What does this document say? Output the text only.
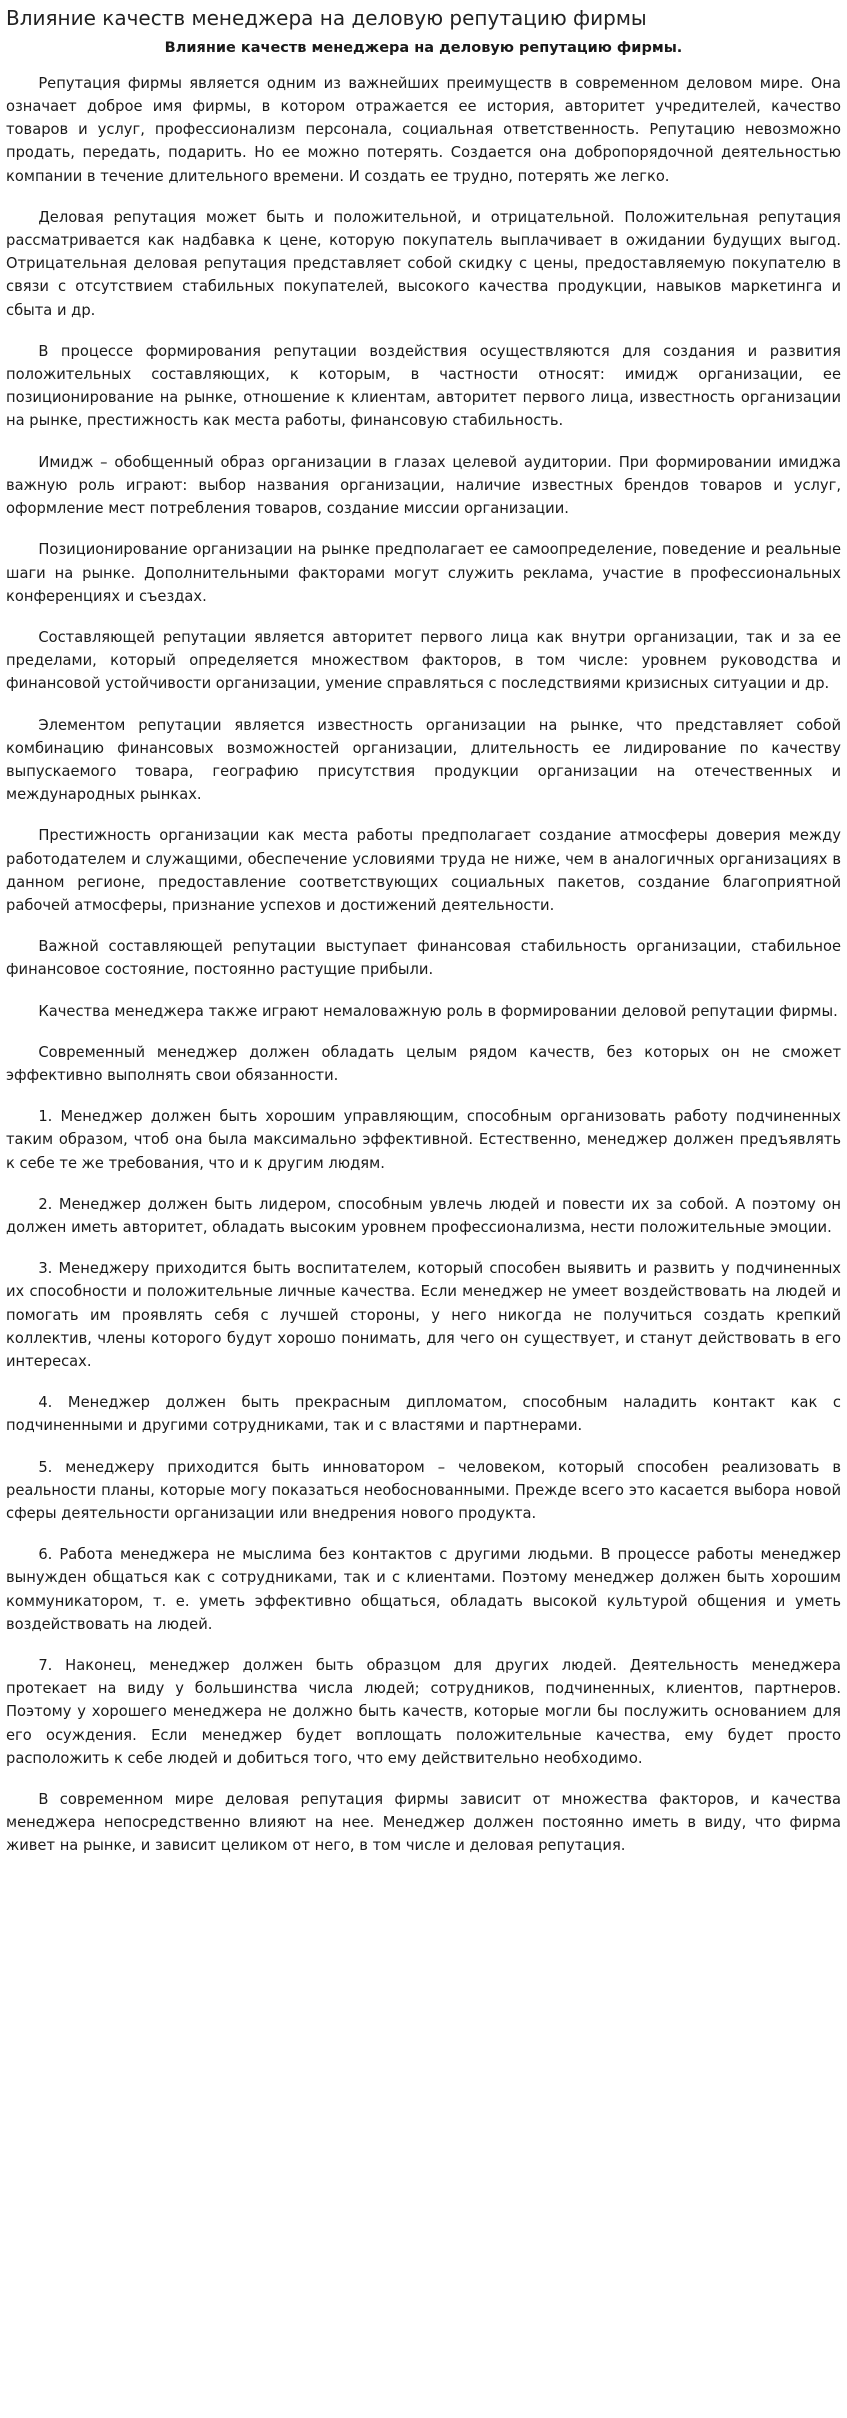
Влияние качеств менеджера на деловую репутацию фирмы
Влияние качеств менеджера на деловую репутацию фирмы.

Репутация фирмы является одним из важнейших преимуществ в современном деловом мире. Она означает доброе имя фирмы, в котором отражается ее история, авторитет учредителей, качество товаров и услуг, профессионализм персонала, социальная ответственность. Репутацию невозможно продать, передать, подарить. Но ее можно потерять. Создается она добропорядочной деятельностью компании в течение длительного времени. И создать ее трудно, потерять же легко.

Деловая репутация может быть и положительной, и отрицательной. Положительная репутация рассматривается как надбавка к цене, которую покупатель выплачивает в ожидании будущих выгод. Отрицательная деловая репутация представляет собой скидку с цены, предоставляемую покупателю в связи с отсутствием стабильных покупателей, высокого качества продукции, навыков маркетинга и сбыта и др.

В процессе формирования репутации воздействия осуществляются для создания и развития положительных составляющих, к которым, в частности относят: имидж организации, ее позиционирование на рынке, отношение к клиентам, авторитет первого лица, известность организации на рынке, престижность как места работы, финансовую стабильность.

Имидж – обобщенный образ организации в глазах целевой аудитории. При формировании имиджа важную роль играют: выбор названия организации, наличие известных брендов товаров и услуг, оформление мест потребления товаров, создание миссии организации.

Позиционирование организации на рынке предполагает ее самоопределение, поведение и реальные шаги на рынке. Дополнительными факторами могут служить реклама, участие в профессиональных конференциях и съездах.

Составляющей репутации является авторитет первого лица как внутри организации, так и за ее пределами, который определяется множеством факторов, в том числе: уровнем руководства и финансовой устойчивости организации, умение справляться с последствиями кризисных ситуации и др.

Элементом репутации является известность организации на рынке, что представляет собой комбинацию финансовых возможностей организации, длительность ее лидирование по качеству выпускаемого товара, географию присутствия продукции организации на отечественных и международных рынках.

Престижность организации как места работы предполагает создание атмосферы доверия между работодателем и служащими, обеспечение условиями труда не ниже, чем в аналогичных организациях в данном регионе, предоставление соответствующих социальных пакетов, создание благоприятной рабочей атмосферы, признание успехов и достижений деятельности.

Важной составляющей репутации выступает финансовая стабильность организации, стабильное финансовое состояние, постоянно растущие прибыли.

Качества менеджера также играют немаловажную роль в формировании деловой репутации фирмы.

Современный менеджер должен обладать целым рядом качеств, без которых он не сможет эффективно выполнять свои обязанности.

1. Менеджер должен быть хорошим управляющим, способным организовать работу подчиненных таким образом, чтоб она была максимально эффективной. Естественно, менеджер должен предъявлять к себе те же требования, что и к другим людям.

2. Менеджер должен быть лидером, способным увлечь людей и повести их за собой. А поэтому он должен иметь авторитет, обладать высоким уровнем профессионализма, нести положительные эмоции.

3. Менеджеру приходится быть воспитателем, который способен выявить и развить у подчиненных их способности и положительные личные качества. Если менеджер не умеет воздействовать на людей и помогать им проявлять себя с лучшей стороны, у него никогда не получиться создать крепкий коллектив, члены которого будут хорошо понимать, для чего он существует, и станут действовать в его интересах.

4. Менеджер должен быть прекрасным дипломатом, способным наладить контакт как с подчиненными и другими сотрудниками, так и с властями и партнерами.

5. менеджеру приходится быть инноватором – человеком, который способен реализовать в реальности планы, которые могу показаться необоснованными. Прежде всего это касается выбора новой сферы деятельности организации или внедрения нового продукта.

6. Работа менеджера не мыслима без контактов с другими людьми. В процессе работы менеджер вынужден общаться как с сотрудниками, так и с клиентами. Поэтому менеджер должен быть хорошим коммуникатором, т. е. уметь эффективно общаться, обладать высокой культурой общения и уметь воздействовать на людей.

7. Наконец, менеджер должен быть образцом для других людей. Деятельность менеджера протекает на виду у большинства числа людей; сотрудников, подчиненных, клиентов, партнеров. Поэтому у хорошего менеджера не должно быть качеств, которые могли бы послужить основанием для его осуждения. Если менеджер будет воплощать положительные качества, ему будет просто расположить к себе людей и добиться того, что ему действительно необходимо.

В современном мире деловая репутация фирмы зависит от множества факторов, и качества менеджера непосредственно влияют на нее. Менеджер должен постоянно иметь в виду, что фирма живет на рынке, и зависит целиком от него, в том числе и деловая репутация.
